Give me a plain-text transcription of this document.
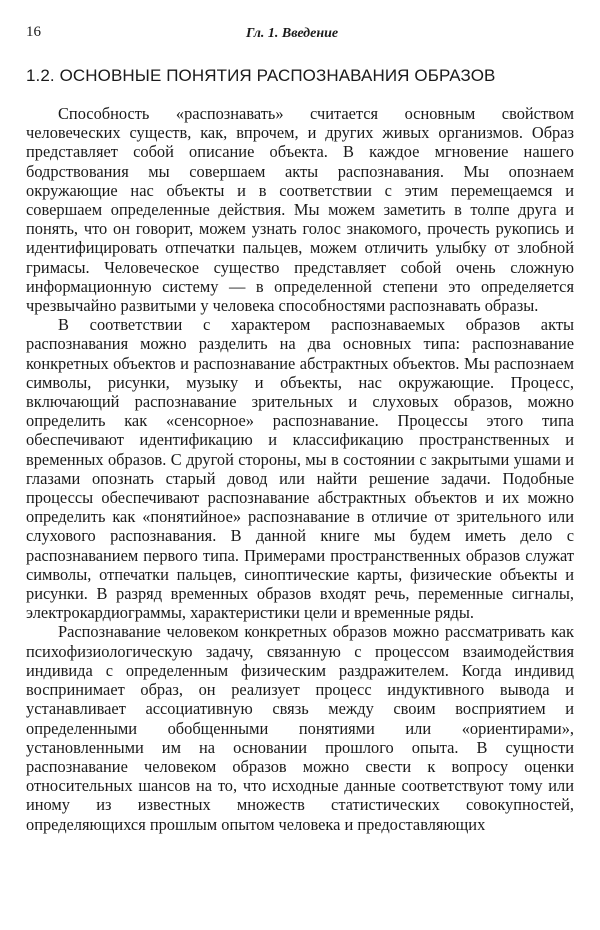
16	Гл. 1. Введение
1.2. ОСНОВНЫЕ ПОНЯТИЯ РАСПОЗНАВАНИЯ ОБРАЗОВ

Способность «распознавать» считается основным свойством человеческих существ, как, впрочем, и других живых организмов. Образ представляет собой описание объекта. В каждое мгновение нашего бодрствования мы совершаем акты распознавания. Мы опознаем окружающие нас объекты и в соответствии с этим перемещаемся и совершаем определенные действия. Мы можем заметить в толпе друга и понять, что он говорит, можем узнать голос знакомого, прочесть рукопись и идентифицировать отпечатки пальцев, можем отличить улыбку от злобной гримасы. Человеческое существо представляет собой очень сложную информационную систему — в определенной степени это определяется чрезвычайно развитыми у человека способностями распознавать образы.

В соответствии с характером распознаваемых образов акты распознавания можно разделить на два основных типа: распознавание конкретных объектов и распознавание абстрактных объектов. Мы распознаем символы, рисунки, музыку и объекты, нас окружающие. Процесс, включающий распознавание зрительных и слуховых образов, можно определить как «сенсорное» распознавание. Процессы этого типа обеспечивают идентификацию и классификацию пространственных и временных образов. С другой стороны, мы в состоянии с закрытыми ушами и глазами опознать старый довод или найти решение задачи. Подобные процессы обеспечивают распознавание абстрактных объектов и их можно определить как «понятийное» распознавание в отличие от зрительного или слухового распознавания. В данной книге мы будем иметь дело с распознаванием первого типа. Примерами пространственных образов служат символы, отпечатки пальцев, синоптические карты, физические объекты и рисунки. В разряд временных образов входят речь, переменные сигналы, электрокардиограммы, характеристики цели и временные ряды.

Распознавание человеком конкретных образов можно рассматривать как психофизиологическую задачу, связанную с процессом взаимодействия индивида с определенным физическим раздражителем. Когда индивид воспринимает образ, он реализует процесс индуктивного вывода и устанавливает ассоциативную связь между своим восприятием и определенными обобщенными понятиями или «ориентирами», установленными им на основании прошлого опыта. В сущности распознавание человеком образов можно свести к вопросу оценки относительных шансов на то, что исходные данные соответствуют тому или иному из известных множеств статистических совокупностей, определяющихся прошлым опытом человека и предоставляющих
